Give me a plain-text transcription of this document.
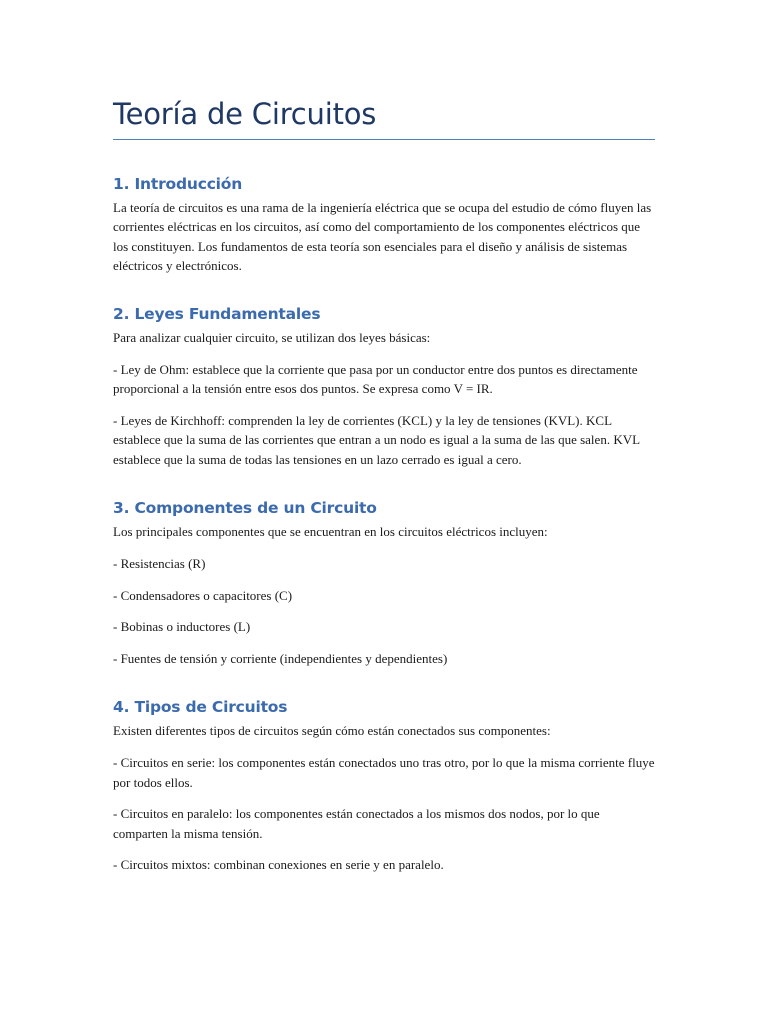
Teoría de Circuitos
1. Introducción

La teoría de circuitos es una rama de la ingeniería eléctrica que se ocupa del estudio de cómo fluyen las corrientes eléctricas en los circuitos, así como del comportamiento de los componentes eléctricos que los constituyen. Los fundamentos de esta teoría son esenciales para el diseño y análisis de sistemas eléctricos y electrónicos.

2. Leyes Fundamentales

Para analizar cualquier circuito, se utilizan dos leyes básicas:

- Ley de Ohm: establece que la corriente que pasa por un conductor entre dos puntos es directamente proporcional a la tensión entre esos dos puntos. Se expresa como V = IR.

- Leyes de Kirchhoff: comprenden la ley de corrientes (KCL) y la ley de tensiones (KVL). KCL establece que la suma de las corrientes que entran a un nodo es igual a la suma de las que salen. KVL establece que la suma de todas las tensiones en un lazo cerrado es igual a cero.

3. Componentes de un Circuito

Los principales componentes que se encuentran en los circuitos eléctricos incluyen:

- Resistencias (R)

- Condensadores o capacitores (C)

- Bobinas o inductores (L)

- Fuentes de tensión y corriente (independientes y dependientes)

4. Tipos de Circuitos

Existen diferentes tipos de circuitos según cómo están conectados sus componentes:

- Circuitos en serie: los componentes están conectados uno tras otro, por lo que la misma corriente fluye por todos ellos.

- Circuitos en paralelo: los componentes están conectados a los mismos dos nodos, por lo que comparten la misma tensión.

- Circuitos mixtos: combinan conexiones en serie y en paralelo.
